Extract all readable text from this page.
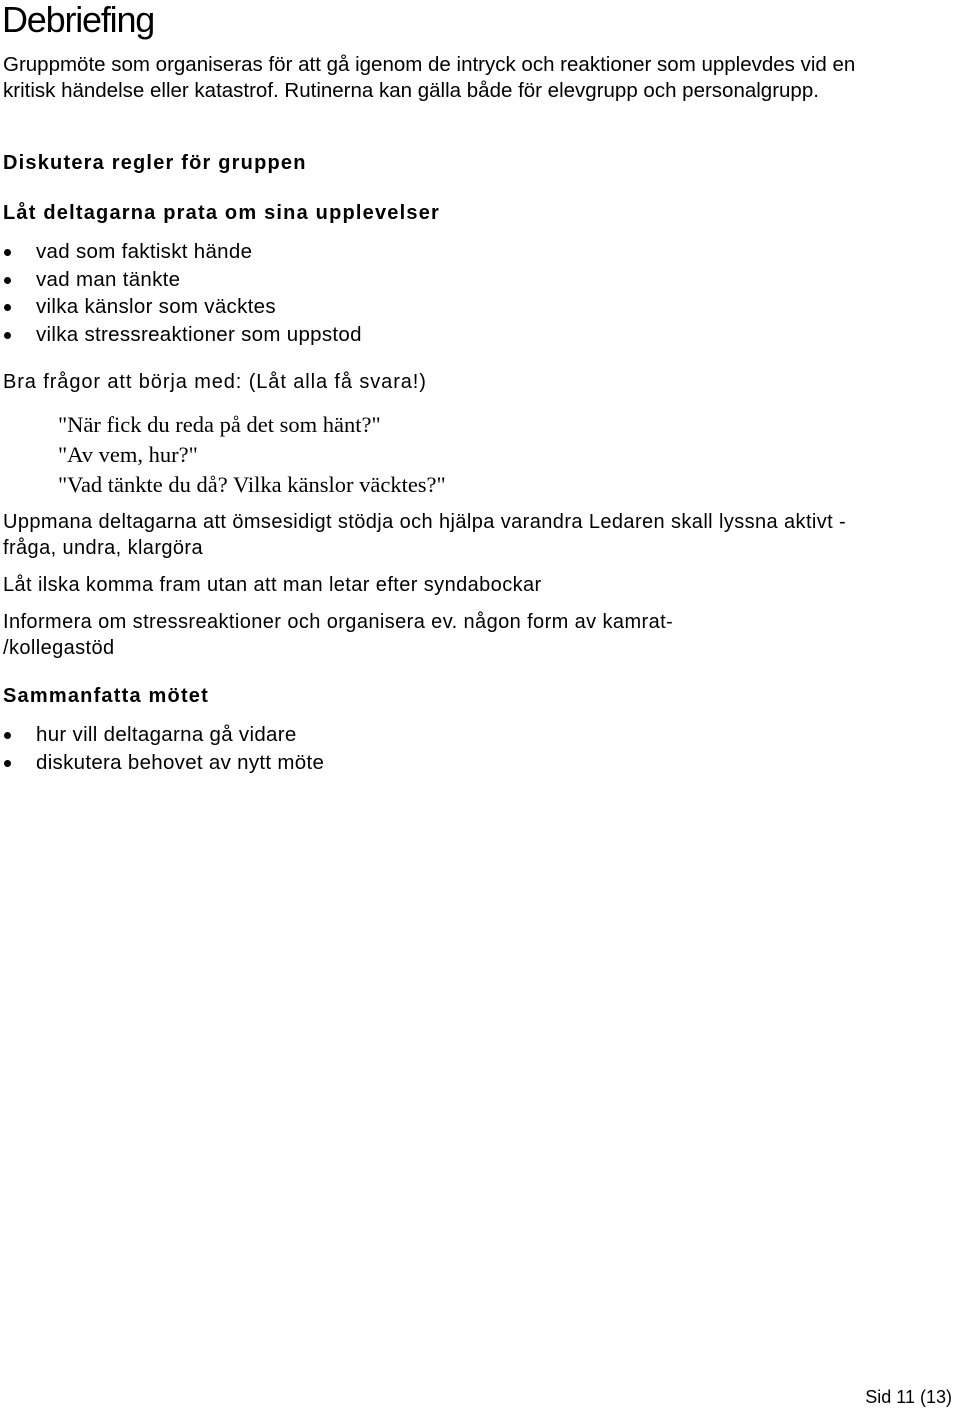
Debriefing

Gruppmöte som organiseras för att gå igenom de intryck och reaktioner som upplevdes vid en kritisk händelse eller katastrof. Rutinerna kan gälla både för elevgrupp och personalgrupp.

Diskutera regler för gruppen
Låt deltagarna prata om sina upplevelser
vad som faktiskt hände
vad man tänkte
vilka känslor som väcktes
vilka stressreaktioner som uppstod

Bra frågor att börja med: (Låt alla få svara!)

"När fick du reda på det som hänt?"
"Av vem, hur?"
"Vad tänkte du då? Vilka känslor väcktes?"

Uppmana deltagarna att ömsesidigt stödja och hjälpa varandra Ledaren skall lyssna aktivt - fråga, undra, klargöra

Låt ilska komma fram utan att man letar efter syndabockar

Informera om stressreaktioner och organisera ev. någon form av kamrat-
/kollegastöd

Sammanfatta mötet
hur vill deltagarna gå vidare
diskutera behovet av nytt möte
Sid 11 (13)
